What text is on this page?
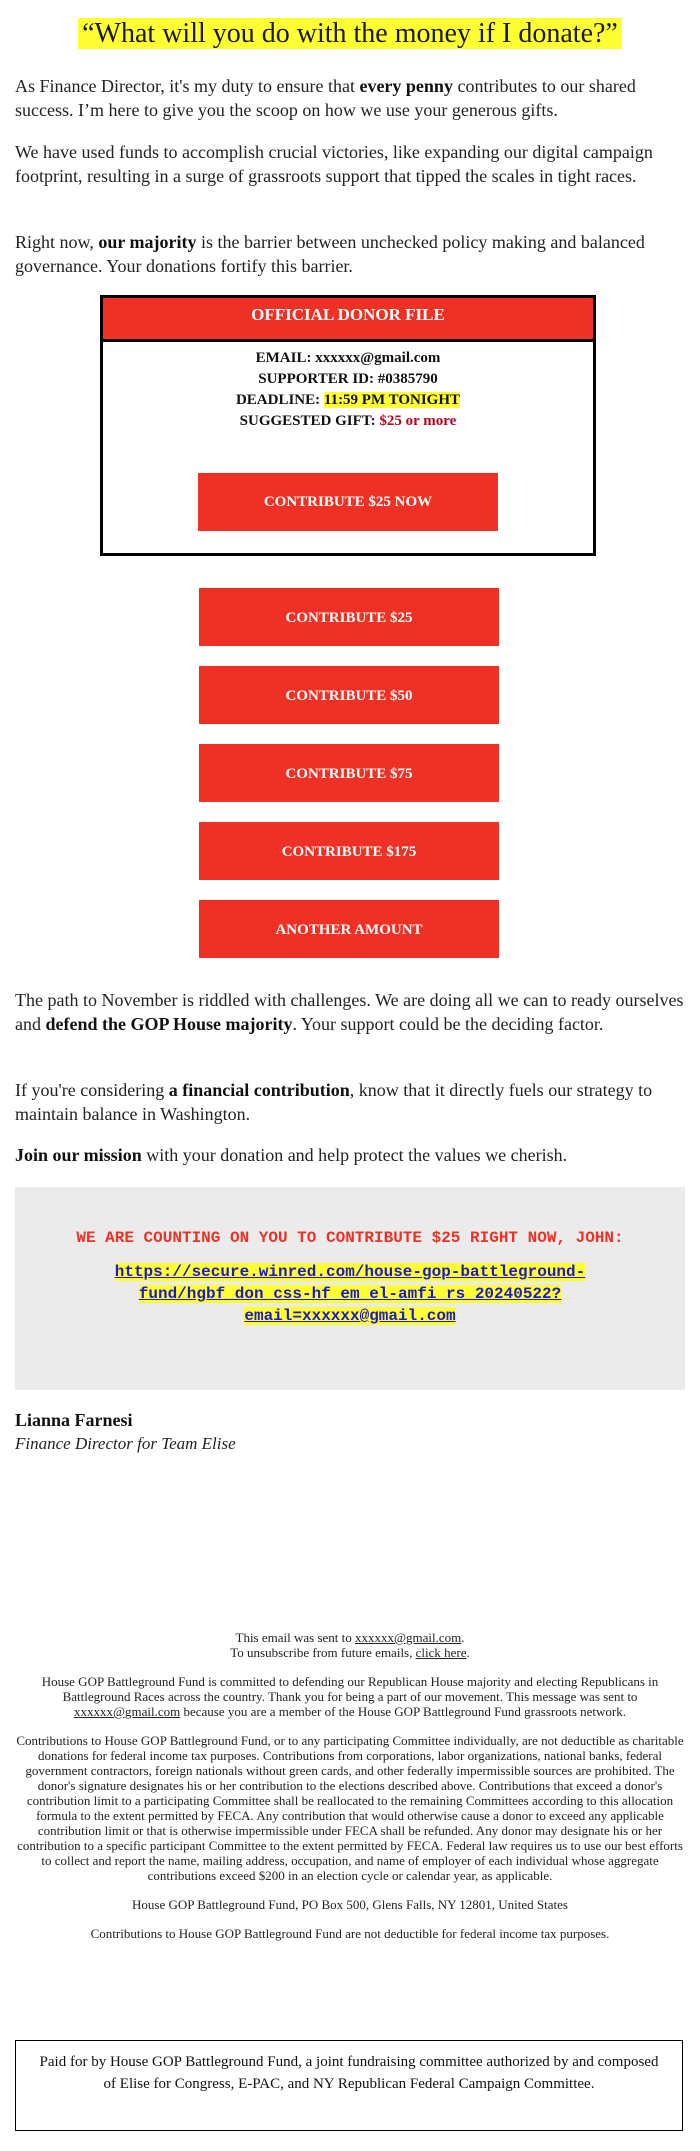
“What will you do with the money if I donate?”

As Finance Director, it's my duty to ensure that every penny contributes to our shared success. I’m here to give you the scoop on how we use your generous gifts.

We have used funds to accomplish crucial victories, like expanding our digital campaign footprint, resulting in a surge of grassroots support that tipped the scales in tight races.

Right now, our majority is the barrier between unchecked policy making and balanced governance. Your donations fortify this barrier.

OFFICIAL DONOR FILE
EMAIL: xxxxxx@gmail.com
SUPPORTER ID: #0385790
DEADLINE: 11:59 PM TONIGHT
SUGGESTED GIFT: $25 or more
CONTRIBUTE $25 NOW
CONTRIBUTE $25
CONTRIBUTE $50
CONTRIBUTE $75
CONTRIBUTE $175
ANOTHER AMOUNT

The path to November is riddled with challenges. We are doing all we can to ready ourselves and defend the GOP House majority. Your support could be the deciding factor.

If you're considering a financial contribution, know that it directly fuels our strategy to maintain balance in Washington.

Join our mission with your donation and help protect the values we cherish.

WE ARE COUNTING ON YOU TO CONTRIBUTE $25 RIGHT NOW, JOHN:
https://secure.winred.com/house-gop-battleground-fund/hgbf_don_css-hf_em_el-amfi_rs_20240522?email=xxxxxx@gmail.com
Lianna Farnesi
Finance Director for Team Elise

This email was sent to xxxxxx@gmail.com.
To unsubscribe from future emails, click here.

House GOP Battleground Fund is committed to defending our Republican House majority and electing Republicans in Battleground Races across the country. Thank you for being a part of our movement. This message was sent to xxxxxx@gmail.com because you are a member of the House GOP Battleground Fund grassroots network.

Contributions to House GOP Battleground Fund, or to any participating Committee individually, are not deductible as charitable donations for federal income tax purposes. Contributions from corporations, labor organizations, national banks, federal government contractors, foreign nationals without green cards, and other federally impermissible sources are prohibited. The donor's signature designates his or her contribution to the elections described above. Contributions that exceed a donor's contribution limit to a participating Committee shall be reallocated to the remaining Committees according to this allocation formula to the extent permitted by FECA. Any contribution that would otherwise cause a donor to exceed any applicable contribution limit or that is otherwise impermissible under FECA shall be refunded. Any donor may designate his or her contribution to a specific participant Committee to the extent permitted by FECA. Federal law requires us to use our best efforts to collect and report the name, mailing address, occupation, and name of employer of each individual whose aggregate contributions exceed $200 in an election cycle or calendar year, as applicable.

House GOP Battleground Fund, PO Box 500, Glens Falls, NY 12801, United States

Contributions to House GOP Battleground Fund are not deductible for federal income tax purposes.

Paid for by House GOP Battleground Fund, a joint fundraising committee authorized by and composed of Elise for Congress, E-PAC, and NY Republican Federal Campaign Committee.
